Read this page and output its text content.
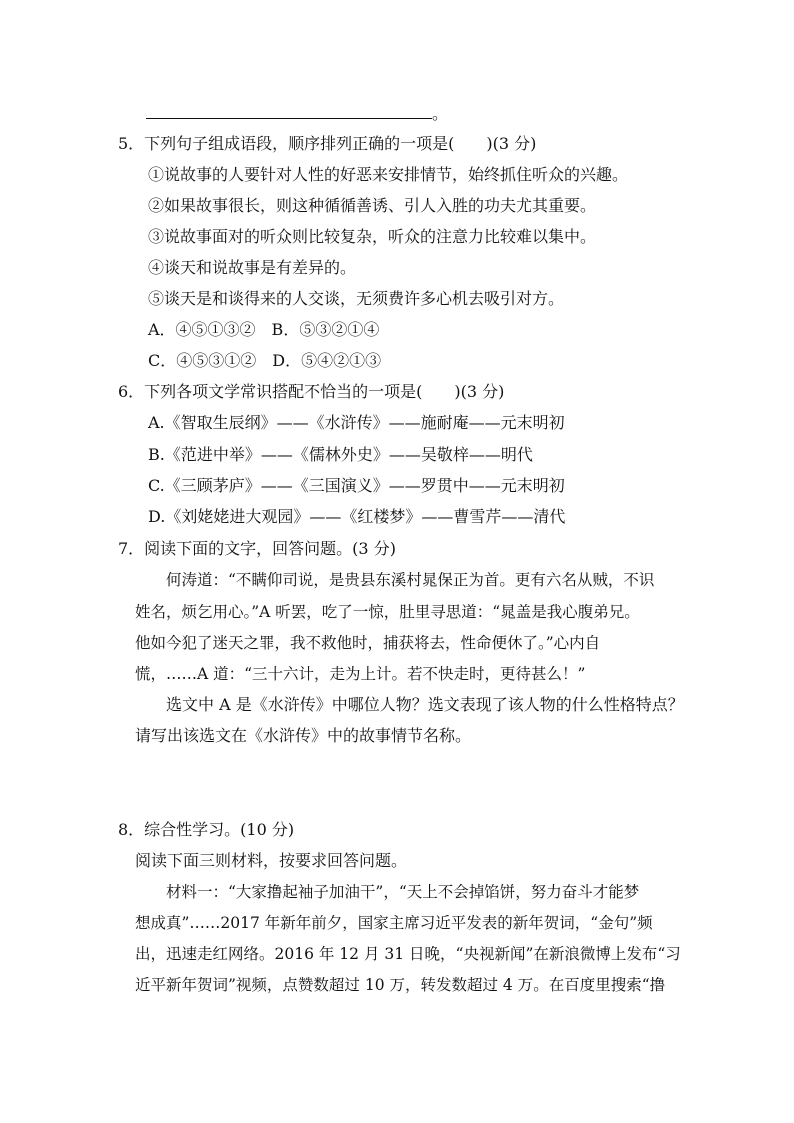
。
5．下列句子组成语段，顺序排列正确的一项是(　　)(3 分)
①说故事的人要针对人性的好恶来安排情节，始终抓住听众的兴趣。
②如果故事很长，则这种循循善诱、引人入胜的功夫尤其重要。
③说故事面对的听众则比较复杂，听众的注意力比较难以集中。
④谈天和说故事是有差异的。
⑤谈天是和谈得来的人交谈，无须费许多心机去吸引对方。
A．④⑤①③②　B．⑤③②①④
C．④⑤③①②　D．⑤④②①③
6．下列各项文学常识搭配不恰当的一项是(　　)(3 分)
A.《智取生辰纲》——《水浒传》——施耐庵——元末明初
B.《范进中举》——《儒林外史》——吴敬梓——明代
C.《三顾茅庐》——《三国演义》——罗贯中——元末明初
D.《刘姥姥进大观园》——《红楼梦》——曹雪芹——清代
7．阅读下面的文字，回答问题。(3 分)
何涛道：“不瞒仰司说，是贵县东溪村晁保正为首。更有六名从贼，不识
姓名，烦乞用心。”A 听罢，吃了一惊，肚里寻思道：“晁盖是我心腹弟兄。
他如今犯了迷天之罪，我不救他时，捕获将去，性命便休了。”心内自
慌，……A 道：“三十六计，走为上计。若不快走时，更待甚么！”
选文中 A 是《水浒传》中哪位人物？选文表现了该人物的什么性格特点？
请写出该选文在《水浒传》中的故事情节名称。
8．综合性学习。(10 分)
阅读下面三则材料，按要求回答问题。
材料一：“大家撸起袖子加油干”，“天上不会掉馅饼，努力奋斗才能梦
想成真”……2017 年新年前夕，国家主席习近平发表的新年贺词，“金句”频
出，迅速走红网络。2016 年 12 月 31 日晚，“央视新闻”在新浪微博上发布“习
近平新年贺词”视频，点赞数超过 10 万，转发数超过 4 万。在百度里搜索“撸
